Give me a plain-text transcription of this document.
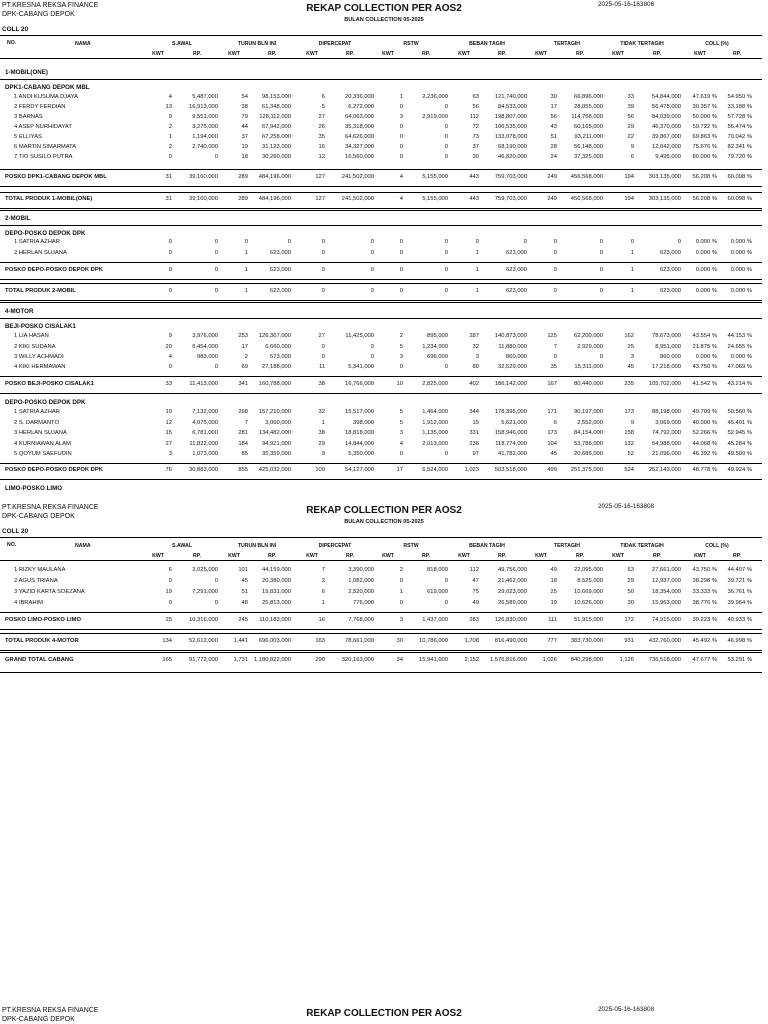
PT.KRESNA REKSA FINANCE
DPK-CABANG DEPOK
REKAP COLLECTION PER AOS2	2025-05-16-163806
BULAN COLLECTION 05-2025
COLL 20
NO.	NAMA	S.AWAL	TURUN BLN INI	DIPERCEPAT	RSTW	BEBAN TAGIH	TERTAGIH	TIDAK TERTAGIH	COLL (%)
KWT	RP.	KWT	RP.	KWT	RP.	KWT	RP.	KWT	RP.	KWT	RP.	KWT	RP.	KWT	RP.
1-MOBIL(ONE)
DPK1-CABANG DEPOK MBL
1 ANDI KUSUMA DJAYA	4	5,487,000	54 98,153,000	6	20,336,000	1	2,236,000	63	121,740,000	30	66,896,000	33	54,844,000 47.619 % 54.950 %
2 FERDY FERDIAN	13	16,913,000	38 61,348,000	5	6,272,000	0	0	56	84,533,000	17	28,055,000	39	56,478,000 30.357 % 33.188 %
3 BARNAS	9	9,551,000	79 128,112,000	27	64,063,000	3	2,919,000	112	198,807,000	56 114,768,000	56	84,039,000 50.000 % 57.728 %
4 ASEP NURHIDAYAT	2	3,275,000	44 67,942,000	26	35,318,000	0	0	72	106,535,000	43	60,165,000	29	46,370,000 59.722 % 56.474 %
5 ELLIYAS	1	1,194,000	37 67,258,000	35	64,626,000	0	0	73	133,078,000	51	93,211,000	22	39,867,000 69.863 % 70.042 %
6 MARTIN SIMARMATA	2	2,740,000	19 31,123,000	16	34,327,000	0	0	37	68,190,000	28	56,148,000	9	12,042,000 75.676 % 82.341 %
7 TIO SUSILO PUTRA	0	0	18 30,260,000	12	16,560,000	0	0	30	46,820,000	24	37,325,000	6	9,495,000 80.000 % 79.720 %
POSKO DPK1-CABANG DEPOK MBL	31	39,160,000	289 484,196,000	127	241,502,000	4	5,155,000	443	759,703,000	249 456,568,000	194	303,135,000 56.208 % 60.098 %
TOTAL PRODUK 1-MOBIL(ONE)	31	39,160,000	289 484,196,000	127	241,502,000	4	5,155,000	443	759,703,000	249 456,568,000	194	303,135,000 56.208 % 60.098 %
2-MOBIL
DEPO-POSKO DEPOK DPK
1 SATRIA AZHAR	0	0	0	0	0	0	0	0	0	0	0	0	0	0	0.000 % 0.000 %
2 HERLAN SUJANA	0	0	1	623,000	0	0	0	0	1	623,000	0	0	1	623,000	0.000 % 0.000 %
POSKO DEPO-POSKO DEPOK DPK	0	0	1	623,000	0	0	0	0	1	623,000	0	0	1	623,000	0.000 % 0.000 %
TOTAL PRODUK 2-MOBIL	0	0	1	623,000	0	0	0	0	1	623,000	0	0	1	623,000	0.000 % 0.000 %
4-MOTOR
BEJI-POSKO CISALAK1
1 LIA HASAN	9	3,976,000	253 126,367,000	27	11,425,000	2	895,000	287	140,873,000	125	62,200,000	162	78,673,000 43.554 % 44.153 %
2 KIKI SUDANA	20	6,454,000	17	6,660,000	0	0	5	1,234,000	32	11,880,000	7	2,929,000	25	8,951,000 21.875 % 24.655 %
3 WILLY ACHMADI	4	983,000	2	573,000	0	0	3	696,000	3	860,000	0	0	3	860,000	0.000 % 0.000 %
4 KIKI HERMAWAN	0	0	69 27,188,000	11	5,341,000	0	0	80	32,529,000	35	15,311,000	45	17,218,000 43.750 % 47.069 %
POSKO BEJI-POSKO CISALAK1	33	11,413,000	341 160,788,000	38	16,766,000	10	2,825,000	402	186,142,000	167	80,440,000	235	105,702,000 41.542 % 43.214 %
DEPO-POSKO DEPOK DPK
1 SATRIA AZHAR	19	7,132,000	298 157,210,000	32	15,517,000	5	1,464,000	344	178,395,000	171	90,197,000	173	88,198,000 49.709 % 50.560 %
2 S. DARMANTO	12	4,075,000	7	3,060,000	1	398,000	5	1,912,000	15	5,621,000	6	2,552,000	9	3,069,000 40.000 % 45.401 %
3 HERLAN SUJANA	15	6,781,000	281 134,482,000	38	18,818,000	3	1,135,000	331	158,946,000	173	84,154,000	158	74,792,000 52.266 % 52.945 %
4 KURNIAWAN ALAM	27	11,822,000	184 94,921,000	29	14,844,000	4	2,013,000	236	118,774,000	104	53,786,000	132	64,988,000 44.068 % 45.284 %
5 QOYUM SAEFUDIN	3	1,073,000	85 35,359,000	9	5,350,000	0	0	97	41,782,000	45	20,686,000	52	21,096,000 46.392 % 49.509 %
POSKO DEPO-POSKO DEPOK DPK	76	30,883,000	855 425,032,000	109	54,127,000	17	6,524,000	1,023	503,518,000	499 251,375,000	524	252,143,000 48.778 % 49.924 %
LIMO-POSKO LIMO
PT.KRESNA REKSA FINANCE
DPK-CABANG DEPOK
REKAP COLLECTION PER AOS2	2025-05-16-163808
BULAN COLLECTION 05-2025
COLL 20
NO.	NAMA	S.AWAL	TURUN BLN INI	DIPERCEPAT	RSTW	BEBAN TAGIH	TERTAGIH	TIDAK TERTAGIH	COLL (%)
KWT	RP.	KWT	RP.	KWT	RP.	KWT	RP.	KWT	RP.	KWT	RP.	KWT	RP.	KWT	RP.
1 RIZKY MAULANA	6	3,025,000	101 44,159,000	7	3,390,000	2	818,000	112	49,756,000	49	22,095,000	63	27,661,000 43.750 % 44.407 %
2 AGUS TRIANA	0	0	45 20,380,000	2	1,082,000	0	0	47	21,462,000	18	8,525,000	29	12,937,000 38.298 % 39.721 %
3 YAZID KARTA SOEZANA	19	7,291,000	51 19,831,000	6	2,520,000	1	619,000	75	29,023,000	25	10,669,000	50	18,354,000 33.333 % 36.761 %
4 IBRAHIM	0	0	48 25,813,000	1	776,000	0	0	49	26,589,000	19	10,626,000	30	15,963,000 38.776 % 39.964 %
POSKO LIMO-POSKO LIMO	25	10,316,000	245 110,183,000	16	7,768,000	3	1,437,000	283	126,830,000	111	51,915,000	172	74,915,000 39.223 % 40.933 %
TOTAL PRODUK 4-MOTOR	134	52,612,000	1,441 696,003,000	163	78,661,000	30	10,786,000	1,708	816,490,000	777 383,730,000	931	432,760,000 45.492 % 46.998 %
GRAND TOTAL CABANG	165	91,772,000	1,731 1,180,822,000	290	320,163,000	34	15,941,000	2,152 1,576,816,000	1,026 840,298,000	1,126	736,518,000 47.677 % 53.291 %
PT.KRESNA REKSA FINANCE
DPK-CABANG DEPOK
REKAP COLLECTION PER AOS2	2025-05-16-163808
